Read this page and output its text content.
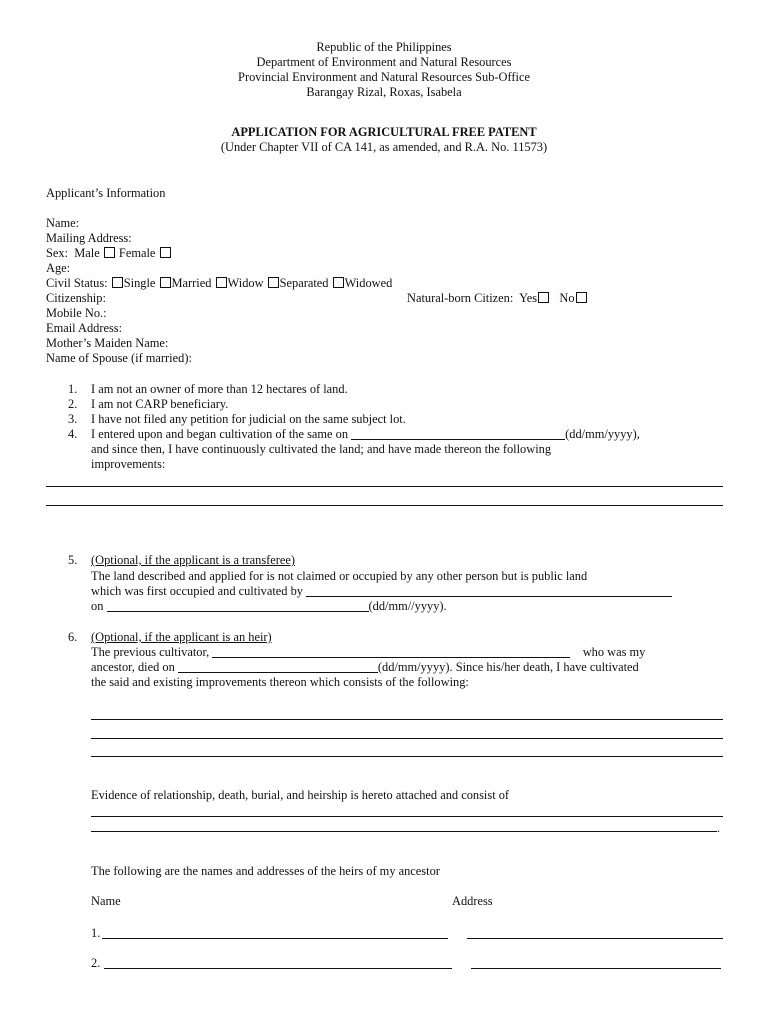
Republic of the Philippines
Department of Environment and Natural Resources
Provincial Environment and Natural Resources Sub-Office
Barangay Rizal, Roxas, Isabela
APPLICATION FOR AGRICULTURAL FREE PATENT
(Under Chapter VII of CA 141, as amended, and R.A. No. 11573)
Applicant’s Information
Name:
Mailing Address:
Sex: Male Female
Age:
Civil Status: Single Married Widow Separated Widowed
Citizenship:	Natural-born Citizen: Yes No
Mobile No.:
Email Address:
Mother’s Maiden Name:
Name of Spouse (if married):
1. I am not an owner of more than 12 hectares of land.
2. I am not CARP beneficiary.
3. I have not filed any petition for judicial on the same subject lot.
4. I entered upon and began cultivation of the same on	(dd/mm/yyyy),
and since then, I have continuously cultivated the land; and have made thereon the following
improvements:
5. (Optional, if the applicant is a transferee)
The land described and applied for is not claimed or occupied by any other person but is public land
which was first occupied and cultivated by
on	(dd/mm//yyyy).
6. (Optional, if the applicant is an heir)
The previous cultivator,	who was my
ancestor, died on	(dd/mm/yyyy). Since his/her death, I have cultivated
the said and existing improvements thereon which consists of the following:
Evidence of relationship, death, burial, and heirship is hereto attached and consist of
.
The following are the names and addresses of the heirs of my ancestor
Name	Address
1.
2.
